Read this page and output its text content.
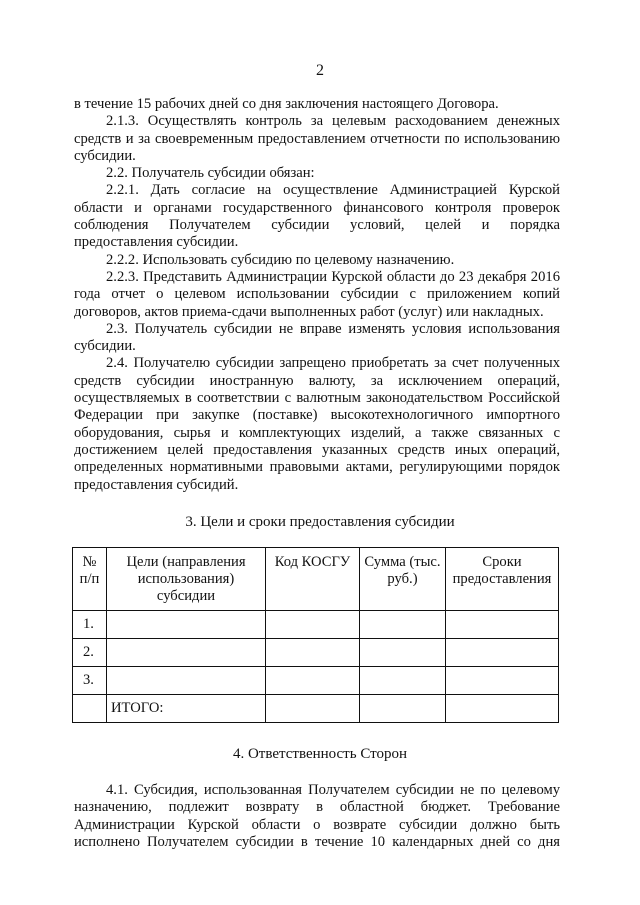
2

в течение 15 рабочих дней со дня заключения настоящего Договора.

2.1.3. Осуществлять контроль за целевым расходованием денежных средств и за своевременным предоставлением отчетности по использованию субсидии.

2.2. Получатель субсидии обязан:

2.2.1. Дать согласие на осуществление Администрацией Курской области и органами государственного финансового контроля проверок соблюдения Получателем субсидии условий, целей и порядка предоставления субсидии.

2.2.2. Использовать субсидию по целевому назначению.

2.2.3. Представить Администрации Курской области до 23 декабря 2016 года отчет о целевом использовании субсидии с приложением копий договоров, актов приема-сдачи выполненных работ (услуг) или накладных.

2.3. Получатель субсидии не вправе изменять условия использования субсидии.

2.4. Получателю субсидии запрещено приобретать за счет полученных средств субсидии иностранную валюту, за исключением операций, осуществляемых в соответствии с валютным законодательством Российской Федерации при закупке (поставке) высокотехнологичного импортного оборудования, сырья и комплектующих изделий, а также связанных с достижением целей предоставления указанных средств иных операций, определенных нормативными правовыми актами, регулирующими порядок предоставления субсидий.

3. Цели и сроки предоставления субсидии
№ п/п	Цели (направления использования) субсидии	Код КОСГУ	Сумма (тыс. руб.)	Сроки предоставления
1.				
2.				
3.				
	ИТОГО:			
4. Ответственность Сторон

4.1. Субсидия, использованная Получателем субсидии не по целевому назначению, подлежит возврату в областной бюджет. Требование Администрации Курской области о возврате субсидии должно быть исполнено Получателем субсидии в течение 10 календарных дней со дня
